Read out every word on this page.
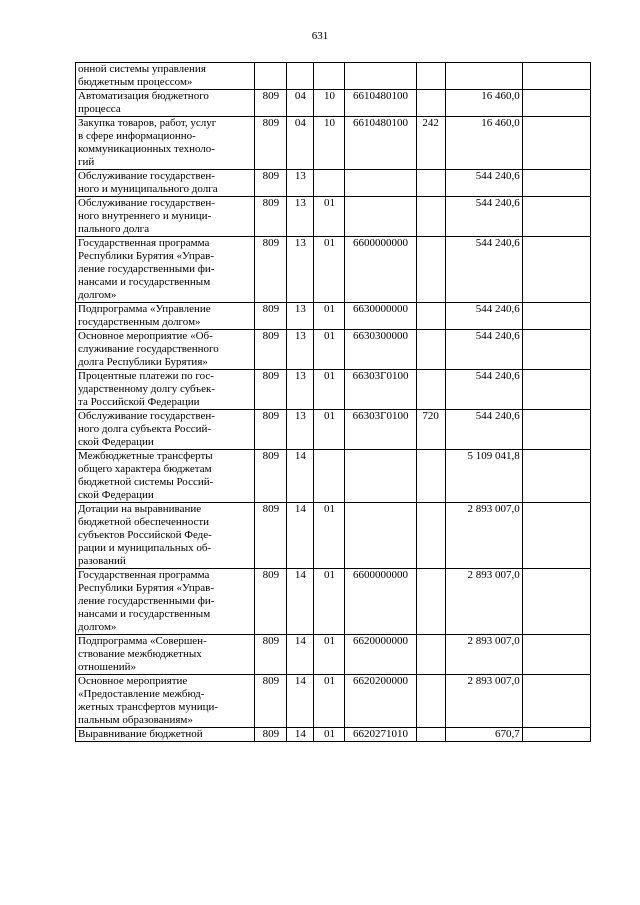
631
онной системы управления
бюджетным процессом»							
Автоматизация бюджетного
процесса	809	04	10	6610480100		16 460,0	
Закупка товаров, работ, услуг
в сфере информационно-
коммуникационных техноло-
гий	809	04	10	6610480100	242	16 460,0	
Обслуживание государствен-
ного и муниципального долга	809	13				544 240,6	
Обслуживание государствен-
ного внутреннего и муници-
пального долга	809	13	01			544 240,6	
Государственная программа
Республики Бурятия «Управ-
ление государственными фи-
нансами и государственным
долгом»	809	13	01	6600000000		544 240,6	
Подпрограмма «Управление
государственным долгом»	809	13	01	6630000000		544 240,6	
Основное мероприятие «Об-
служивание государственного
долга Республики Бурятия»	809	13	01	6630300000		544 240,6	
Процентные платежи по гос-
ударственному долгу субъек-
та Российской Федерации	809	13	01	66303Г0100		544 240,6	
Обслуживание государствен-
ного долга субъекта Россий-
ской Федерации	809	13	01	66303Г0100	720	544 240,6	
Межбюджетные трансферты
общего характера бюджетам
бюджетной системы Россий-
ской Федерации	809	14				5 109 041,8	
Дотации на выравнивание
бюджетной обеспеченности
субъектов Российской Феде-
рации и муниципальных об-
разований	809	14	01			2 893 007,0	
Государственная программа
Республики Бурятия «Управ-
ление государственными фи-
нансами и государственным
долгом»	809	14	01	6600000000		2 893 007,0	
Подпрограмма «Совершен-
ствование межбюджетных
отношений»	809	14	01	6620000000		2 893 007,0	
Основное мероприятие
«Предоставление межбюд-
жетных трансфертов муници-
пальным образованиям»	809	14	01	6620200000		2 893 007,0	
Выравнивание бюджетной	809	14	01	6620271010		670,7	
